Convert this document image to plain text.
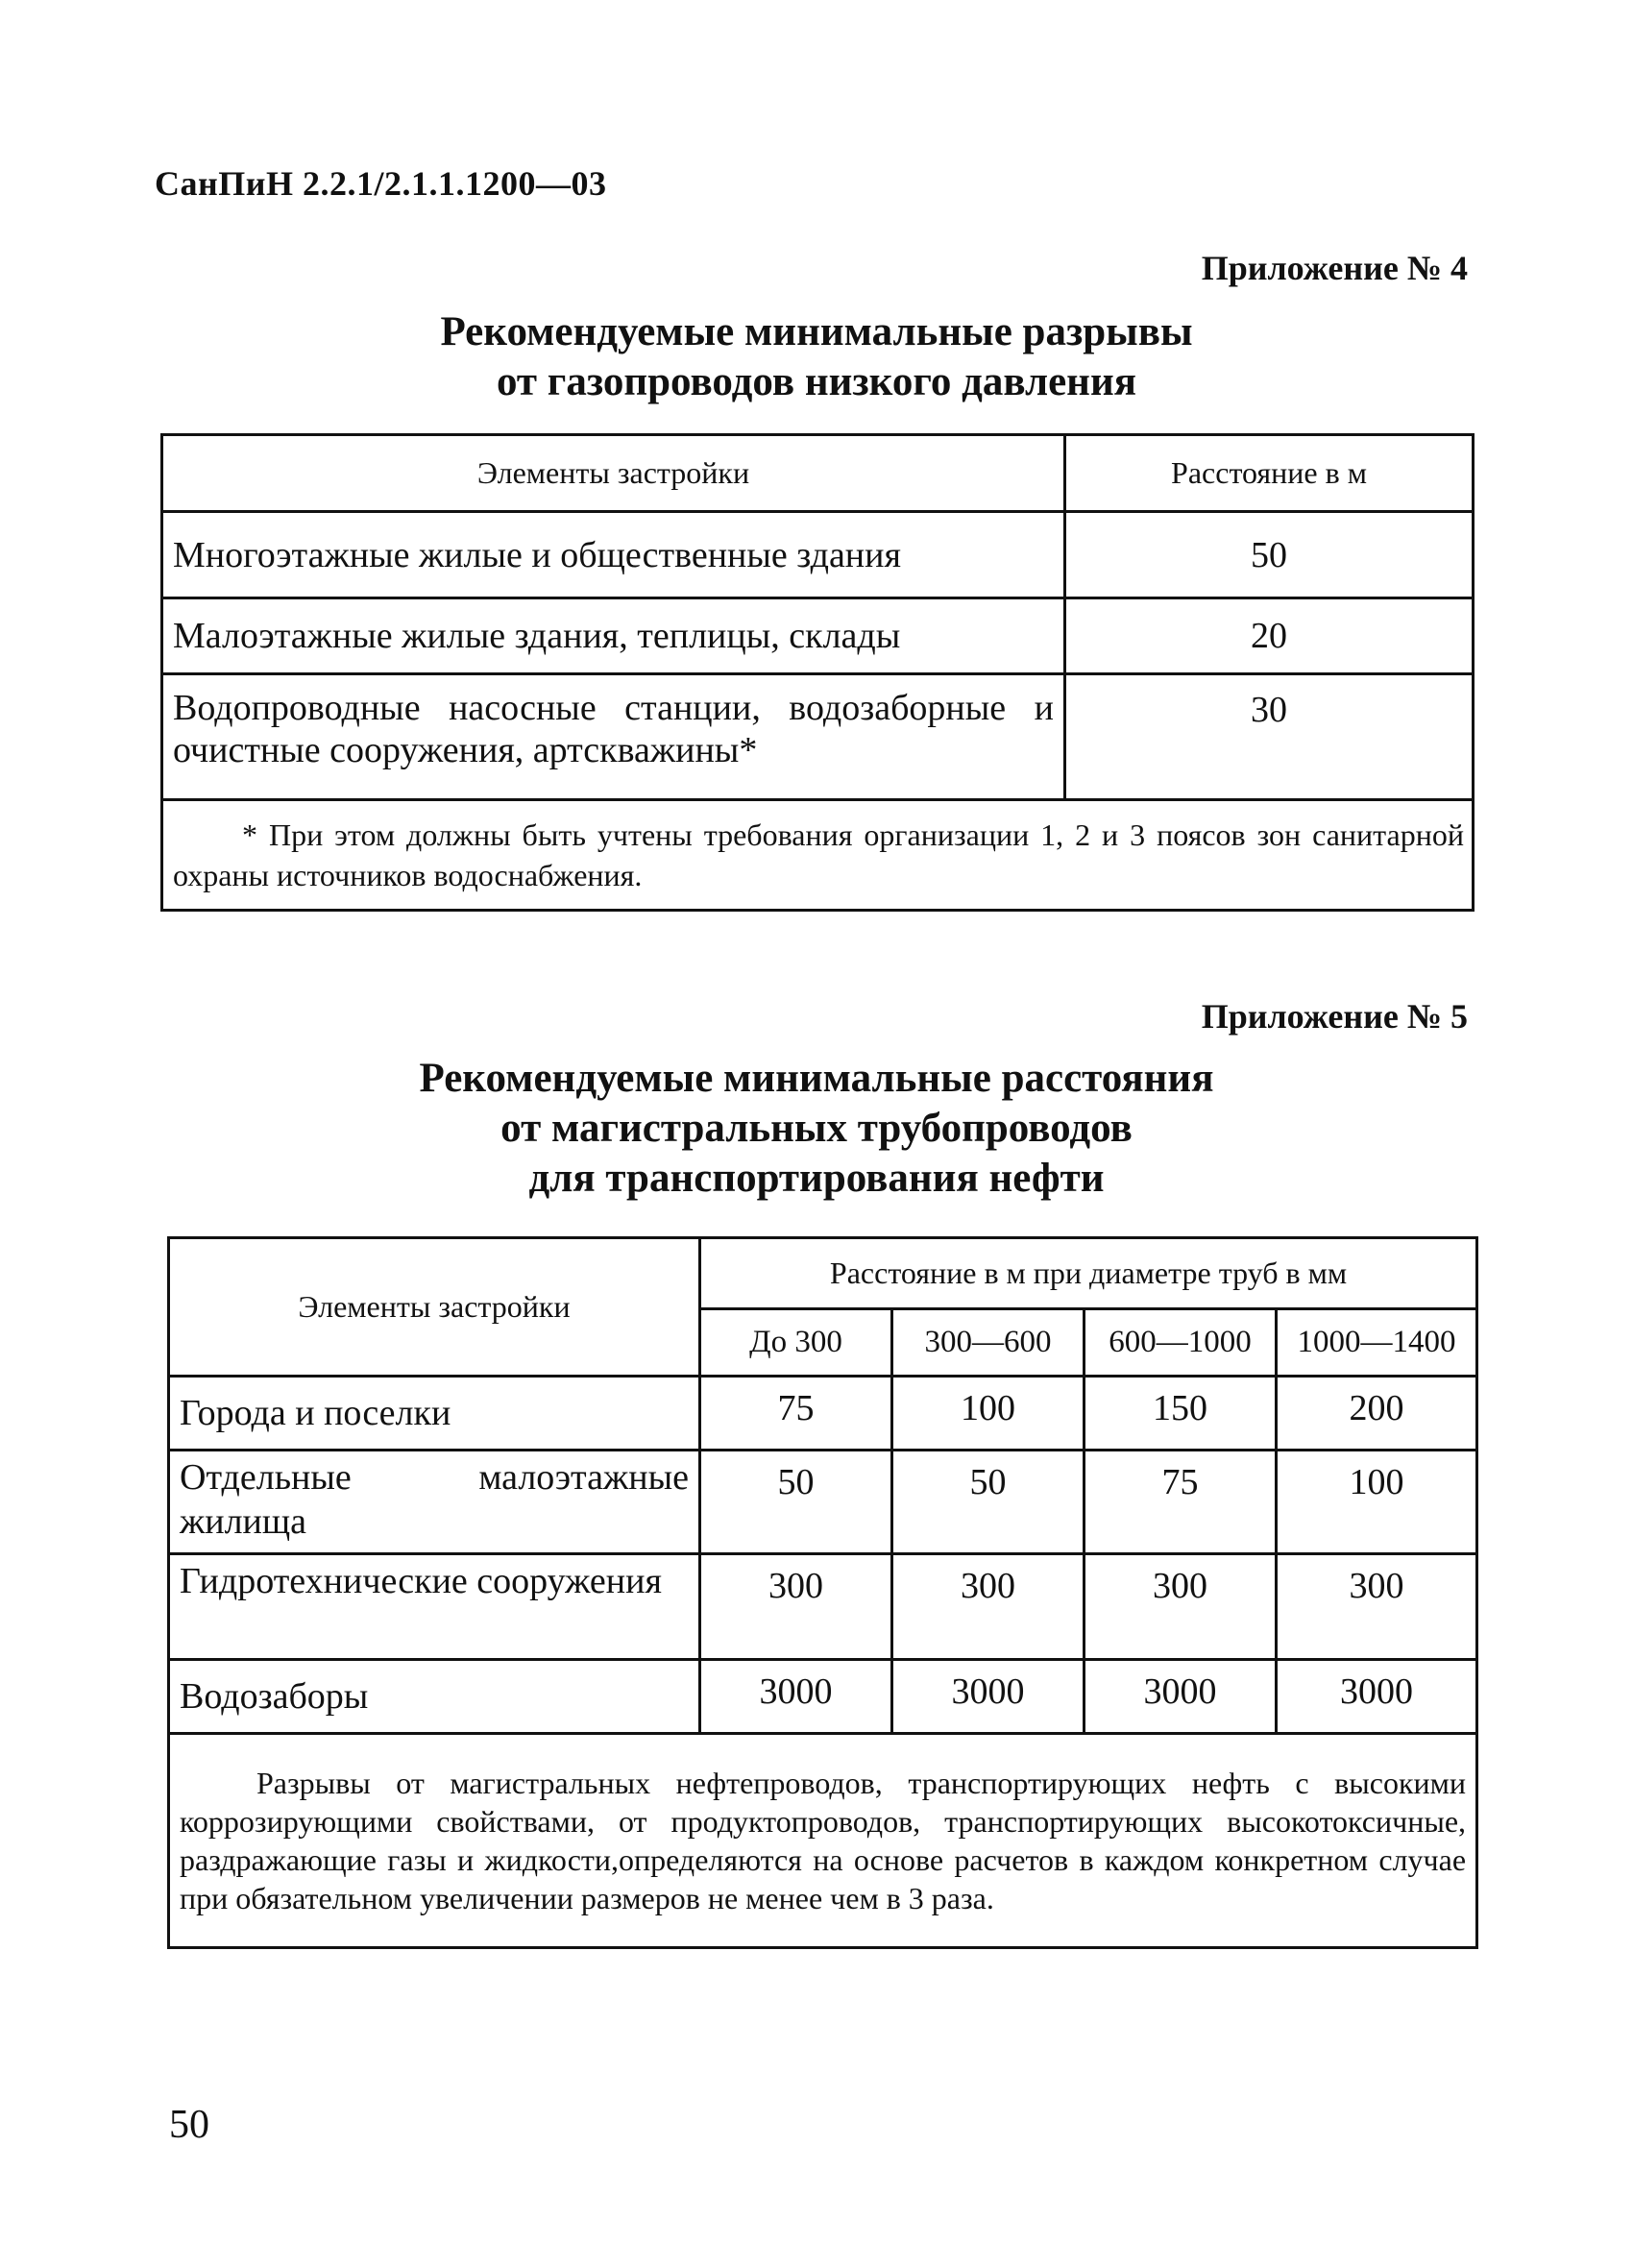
СанПиН 2.2.1/2.1.1.1200—03
Приложение № 4
Рекомендуемые минимальные разрывы
от газопроводов низкого давления
Элементы застройки	Расстояние в м
Многоэтажные жилые и общественные здания	50
Малоэтажные жилые здания, теплицы, склады	20
Водопроводные насосные станции, водозаборные и очистные сооружения, артскважины*	30
* При этом должны быть учтены требования организации 1, 2 и 3 поясов зон санитарной охраны источников водоснабжения.	
Приложение № 5
Рекомендуемые минимальные расстояния
от магистральных трубопроводов
для транспортирования нефти
Элементы застройки	Расстояние в м при диаметре труб в мм			
	До 300	300—600	600—1000	1000—1400
Города и поселки	75	100	150	200
Отдельные малоэтажные жилища	50	50	75	100
Гидротехнические сооружения	300	300	300	300
Водозаборы	3000	3000	3000	3000
Разрывы от магистральных нефтепроводов, транспортирующих нефть с высокими коррозирующими свойствами, от продуктопроводов, транспортирующих высокотоксичные, раздражающие газы и жидкости,определяются на основе расчетов в каждом конкретном случае при обязательном увеличении размеров не менее чем в 3 раза.				
50
